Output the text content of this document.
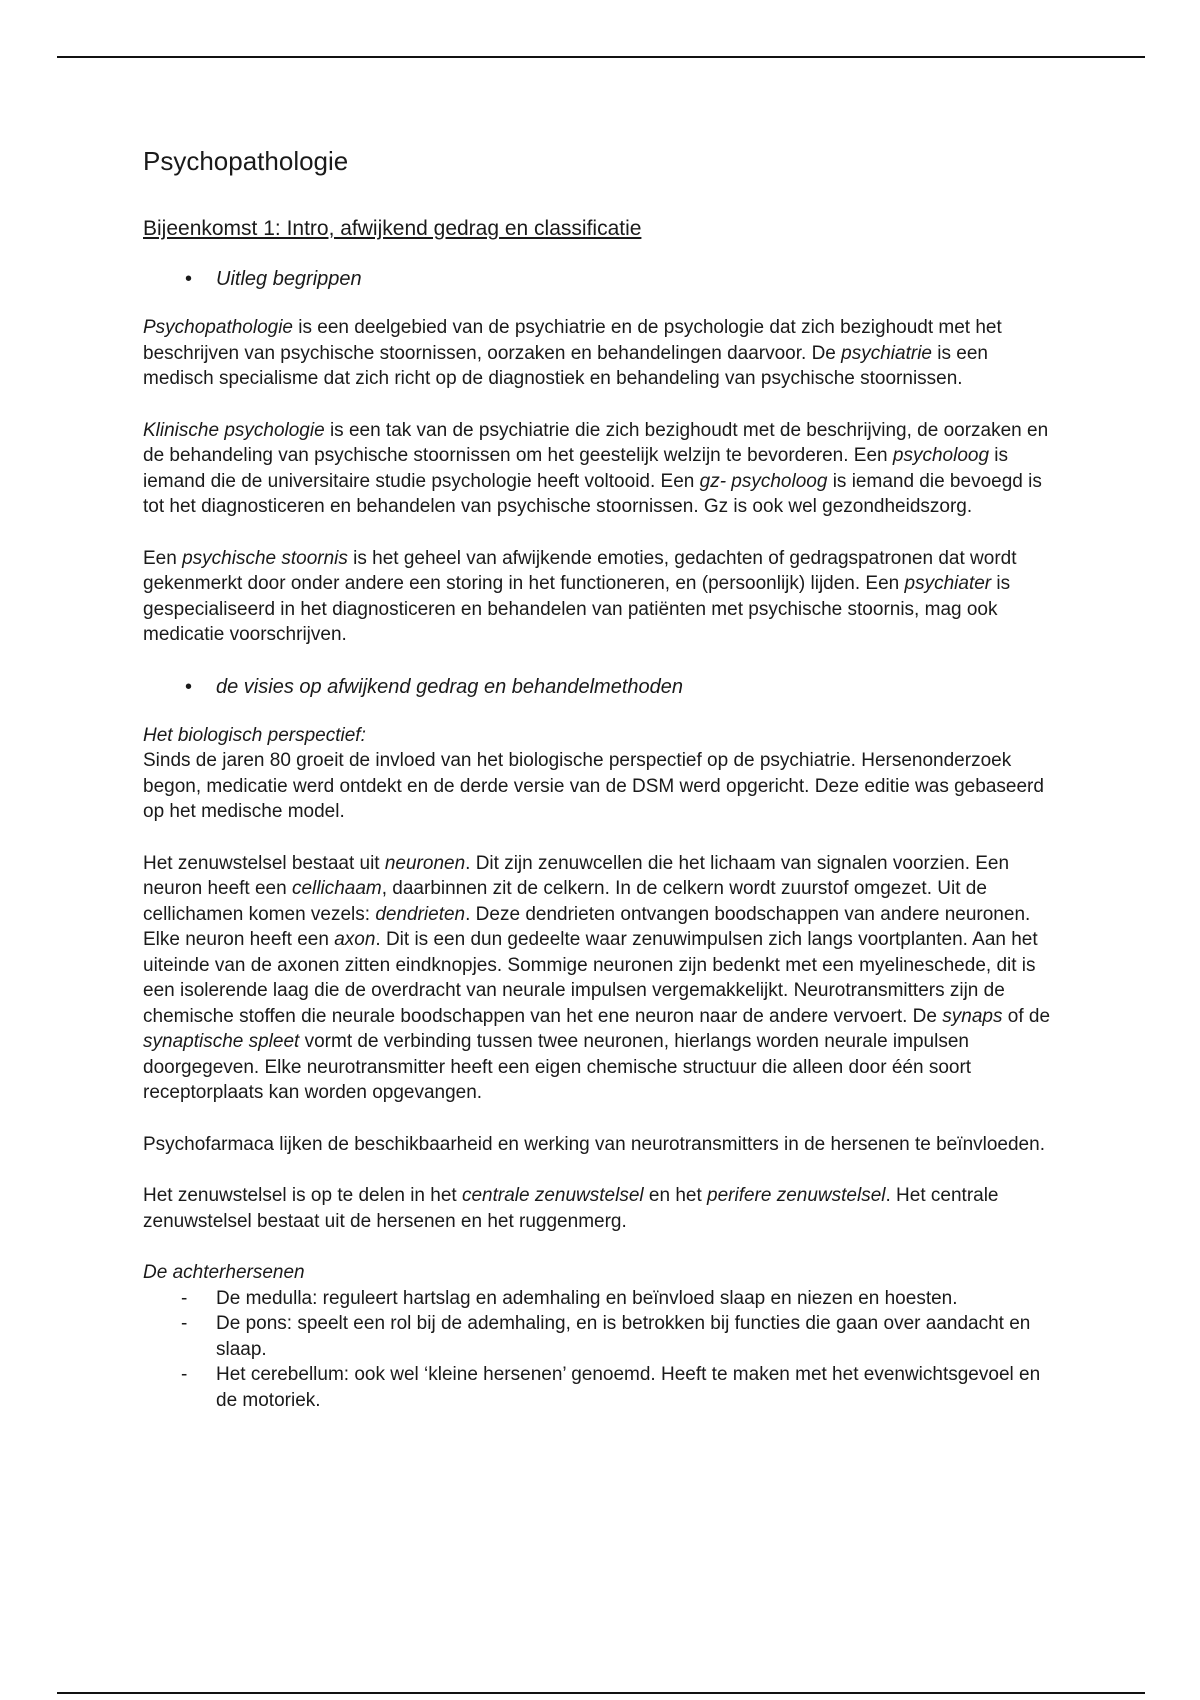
Psychopathologie
Bijeenkomst 1: Intro, afwijkend gedrag en classificatie
• Uitleg begrippen

Psychopathologie is een deelgebied van de psychiatrie en de psychologie dat zich bezighoudt met het beschrijven van psychische stoornissen, oorzaken en behandelingen daarvoor. De psychiatrie is een medisch specialisme dat zich richt op de diagnostiek en behandeling van psychische stoornissen.

Klinische psychologie is een tak van de psychiatrie die zich bezighoudt met de beschrijving, de oorzaken en de behandeling van psychische stoornissen om het geestelijk welzijn te bevorderen. Een psycholoog is iemand die de universitaire studie psychologie heeft voltooid. Een gz- psycholoog is iemand die bevoegd is tot het diagnosticeren en behandelen van psychische stoornissen. Gz is ook wel gezondheidszorg.

Een psychische stoornis is het geheel van afwijkende emoties, gedachten of gedragspatronen dat wordt gekenmerkt door onder andere een storing in het functioneren, en (persoonlijk) lijden. Een psychiater is gespecialiseerd in het diagnosticeren en behandelen van patiënten met psychische stoornis, mag ook medicatie voorschrijven.

• de visies op afwijkend gedrag en behandelmethoden

Het biologisch perspectief:
Sinds de jaren 80 groeit de invloed van het biologische perspectief op de psychiatrie. Hersenonderzoek begon, medicatie werd ontdekt en de derde versie van de DSM werd opgericht. Deze editie was gebaseerd op het medische model.

Het zenuwstelsel bestaat uit neuronen. Dit zijn zenuwcellen die het lichaam van signalen voorzien. Een neuron heeft een cellichaam, daarbinnen zit de celkern. In de celkern wordt zuurstof omgezet. Uit de cellichamen komen vezels: dendrieten. Deze dendrieten ontvangen boodschappen van andere neuronen. Elke neuron heeft een axon. Dit is een dun gedeelte waar zenuwimpulsen zich langs voortplanten. Aan het uiteinde van de axonen zitten eindknopjes. Sommige neuronen zijn bedenkt met een myelineschede, dit is een isolerende laag die de overdracht van neurale impulsen vergemakkelijkt. Neurotransmitters zijn de chemische stoffen die neurale boodschappen van het ene neuron naar de andere vervoert. De synaps of de synaptische spleet vormt de verbinding tussen twee neuronen, hierlangs worden neurale impulsen doorgegeven. Elke neurotransmitter heeft een eigen chemische structuur die alleen door één soort receptorplaats kan worden opgevangen.

Psychofarmaca lijken de beschikbaarheid en werking van neurotransmitters in de hersenen te beïnvloeden.

Het zenuwstelsel is op te delen in het centrale zenuwstelsel en het perifere zenuwstelsel. Het centrale zenuwstelsel bestaat uit de hersenen en het ruggenmerg.

De achterhersenen

- De medulla: reguleert hartslag en ademhaling en beïnvloed slaap en niezen en hoesten.
- De pons: speelt een rol bij de ademhaling, en is betrokken bij functies die gaan over aandacht en slaap.
- Het cerebellum: ook wel ‘kleine hersenen’ genoemd. Heeft te maken met het evenwichtsgevoel en de motoriek.
